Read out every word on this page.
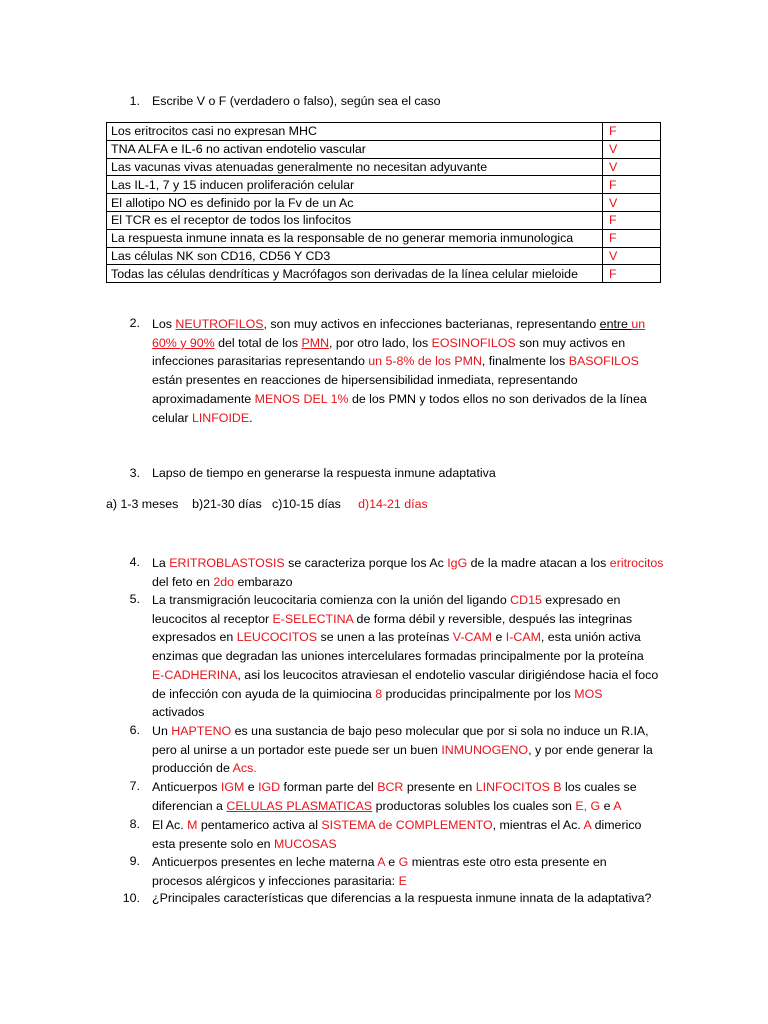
1. Escribe V o F (verdadero o falso), según sea el caso
Los eritrocitos casi no expresan MHC	F
TNA ALFA e IL-6 no activan endotelio vascular	V
Las vacunas vivas atenuadas generalmente no necesitan adyuvante	V
Las IL-1, 7 y 15 inducen proliferación celular	F
El allotipo NO es definido por la Fv de un Ac	V
El TCR es el receptor de todos los linfocitos	F
La respuesta inmune innata es la responsable de no generar memoria inmunologica	F
Las células NK son CD16, CD56 Y CD3	V
Todas las células dendríticas y Macrófagos son derivadas de la línea celular mieloide	F
2. Los NEUTROFILOS, son muy activos en infecciones bacterianas, representando entre un

60% y 90% del total de los PMN, por otro lado, los EOSINOFILOS son muy activos en

infecciones parasitarias representando un 5-8% de los PMN, finalmente los BASOFILOS

están presentes en reacciones de hipersensibilidad inmediata, representando

aproximadamente MENOS DEL 1% de los PMN y todos ellos no son derivados de la línea

celular LINFOIDE.

3. Lapso de tiempo en generarse la respuesta inmune adaptativa
a) 1-3 meses b)21-30 días c)10-15 días d)14-21 días
4. La ERITROBLASTOSIS se caracteriza porque los Ac IgG de la madre atacan a los eritrocitos

del feto en 2do embarazo

5. La transmigración leucocitaria comienza con la unión del ligando CD15 expresado en

leucocitos al receptor E-SELECTINA de forma débil y reversible, después las integrinas

expresados en LEUCOCITOS se unen a las proteínas V-CAM e I-CAM, esta unión activa

enzimas que degradan las uniones intercelulares formadas principalmente por la proteína

E-CADHERINA, asi los leucocitos atraviesan el endotelio vascular dirigiéndose hacia el foco

de infección con ayuda de la quimiocina 8 producidas principalmente por los MOS

activados

6. Un HAPTENO es una sustancia de bajo peso molecular que por si sola no induce un R.IA,

pero al unirse a un portador este puede ser un buen INMUNOGENO, y por ende generar la

producción de Acs.

7. Anticuerpos IGM e IGD forman parte del BCR presente en LINFOCITOS B los cuales se

diferencian a CELULAS PLASMATICAS productoras solubles los cuales son E, G e A

8. El Ac. M pentamerico activa al SISTEMA de COMPLEMENTO, mientras el Ac. A dimerico

esta presente solo en MUCOSAS

9. Anticuerpos presentes en leche materna A e G mientras este otro esta presente en

procesos alérgicos y infecciones parasitaria: E

10. ¿Principales características que diferencias a la respuesta inmune innata de la adaptativa?
